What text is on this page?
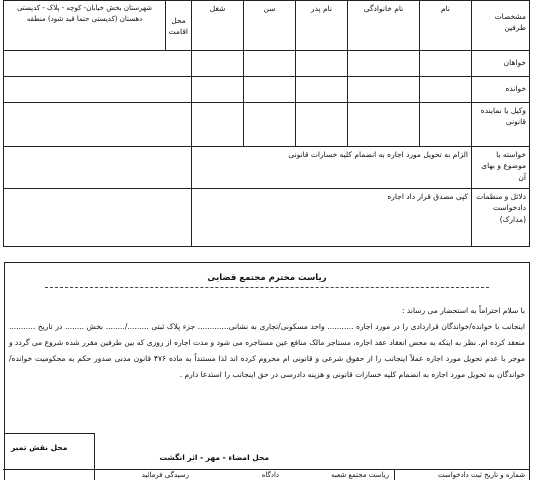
مشخصات طرفین	نام	نام خانوادگی	نام پدر	سن	شغل	محل اقامت	شهرستان بخش خیابان- کوچه - پلاک - کدپستی دهستان (کدپستی حتما قید شود) منطقه
خواهان							
خوانده							
وکیل یا نماینده قانونی							
خواسته یا موضوع و بهای آن	الزام به تحویل مورد اجاره به انضمام کلیه خسارات قانونی						
دلائل و منظمات دادخواست (مدارک)	کپی مصدق قرار داد اجاره						
ریاست محترم مجتمع قضایی

با سلام احتراماً به استحضار می رساند :

اینجانب با خوانده/خواندگان قراردادی را در مورد اجاره ........... واحد مسکونی/تجاری به نشانی............. جزء پلاک ثبتی ........./........ بخش ........ در تاریخ ........... منعقد کرده ام. نظر به اینکه به محض انعقاد عقد اجاره، مستاجر مالک منافع عین مستاجره می شود و مدت اجاره از روزی که بین طرفین مقرر شده شروع می گردد و موجر با عدم تحویل مورد اجاره عملاً اینجانب را از حقوق شرعی و قانونی ام محروم کرده اند لذا مستنداً به ماده ۴۷۶ قانون مدنی صدور حکم به محکومیت خوانده/خواندگان به تحویل مورد اجاره به انضمام کلیه خسارات قانونی و هزینه دادرسی در حق اینجانب را استدعا دارم .

محل نقش تمبر
محل امضاء - مهر - اثر انگشت
شماره و تاریخ ثبت دادخواست
ریاست مجتمع شعبه
دادگاه
رسیدگی فرمائید
